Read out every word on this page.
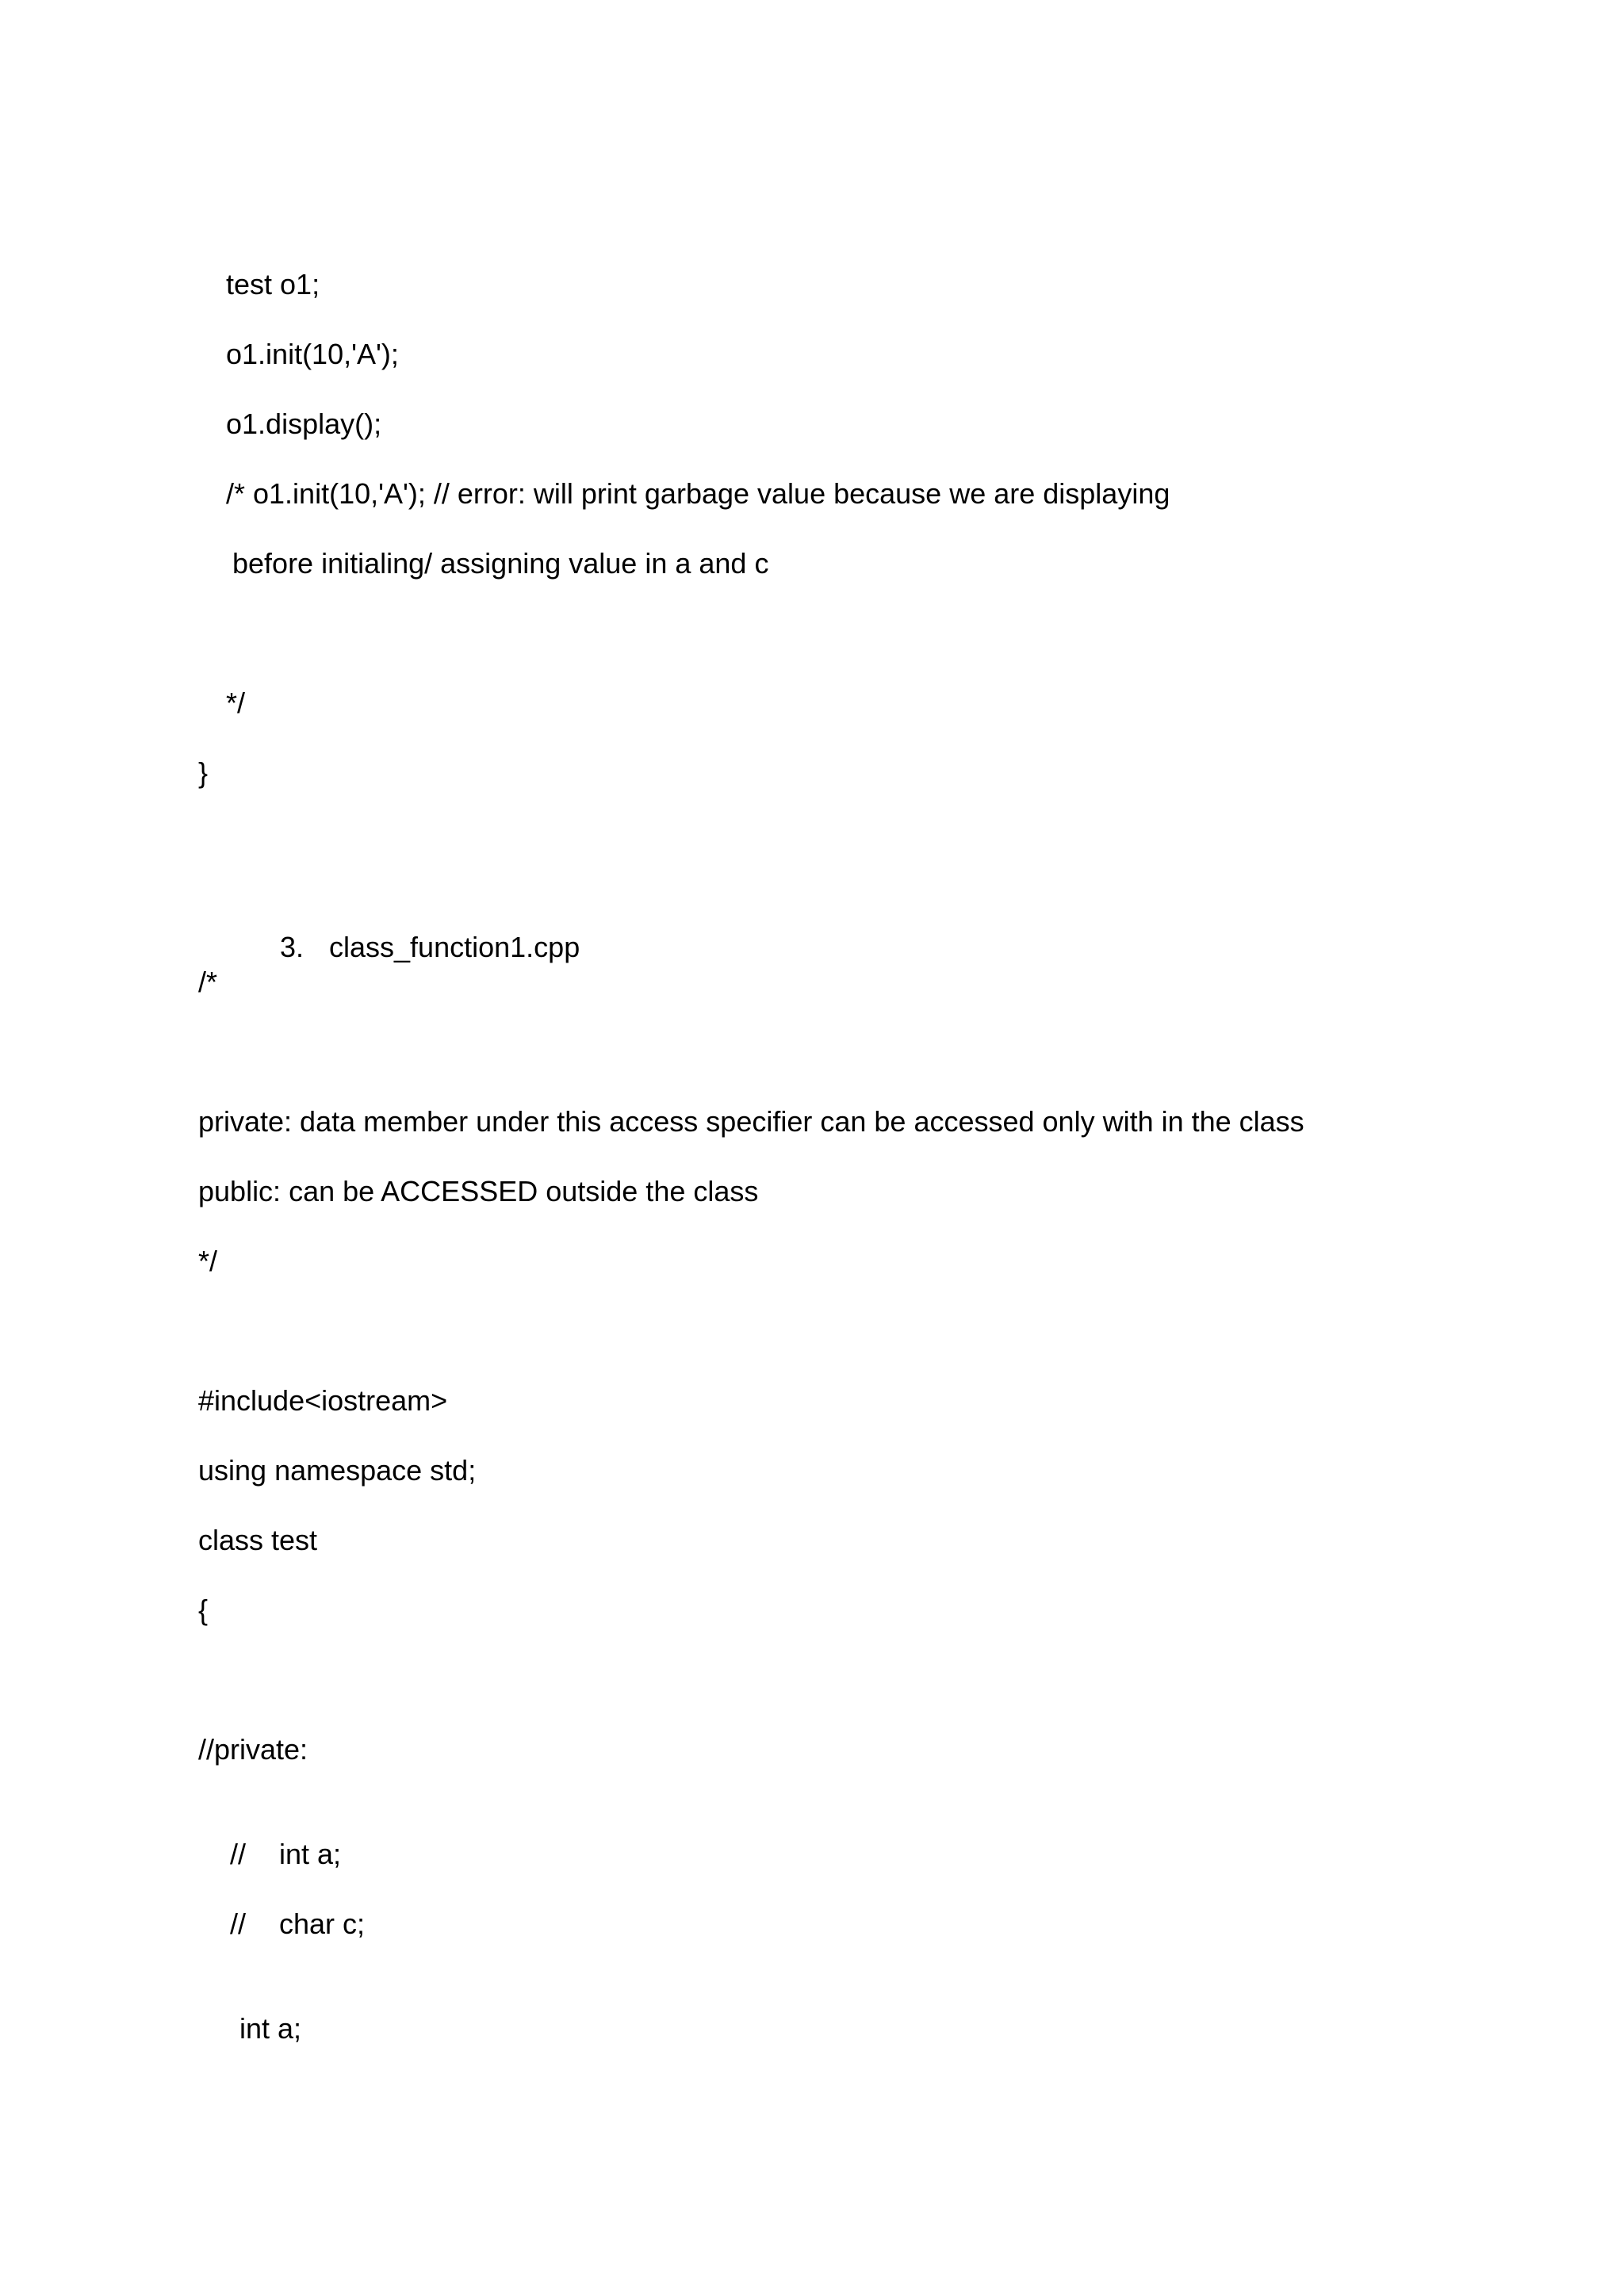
test o1;
o1.init(10,'A');
o1.display();
/* o1.init(10,'A'); // error: will print garbage value because we are displaying
before initialing/ assigning value in a and c
*/
}

3. class_function1.cpp

/*
private: data member under this access specifier can be accessed only with in the class
public: can be ACCESSED outside the class
*/
#include<iostream>
using namespace std;
class test
{
//private:

// int a;

// char c;

int a;
